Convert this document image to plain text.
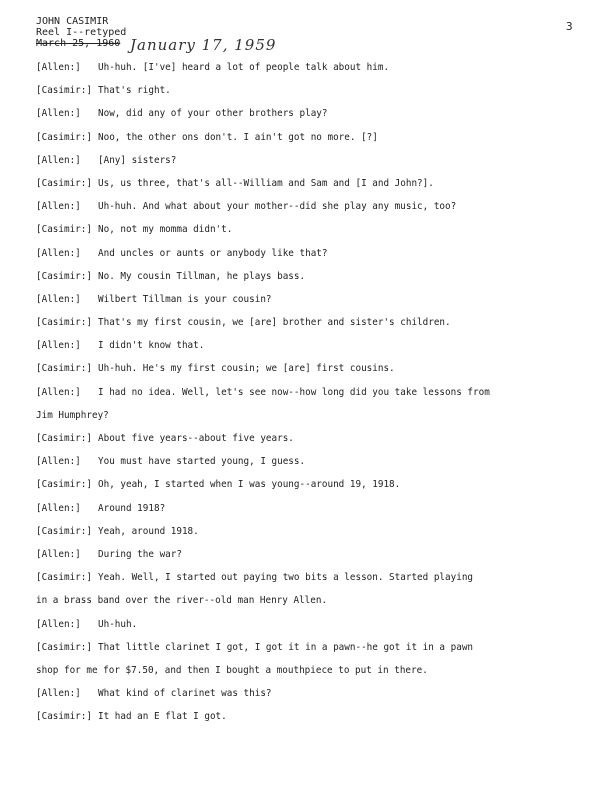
JOHN CASIMIR
Reel I--retyped
March 25, 1960 January 17, 1959
3
[Allen:] Uh-huh. [I've] heard a lot of people talk about him.
[Casimir:] That's right.
[Allen:] Now, did any of your other brothers play?
[Casimir:] Noo, the other ons don't. I ain't got no more. [?]
[Allen:] [Any] sisters?
[Casimir:] Us, us three, that's all--William and Sam and [I and John?].
[Allen:] Uh-huh. And what about your mother--did she play any music, too?
[Casimir:] No, not my momma didn't.
[Allen:] And uncles or aunts or anybody like that?
[Casimir:] No. My cousin Tillman, he plays bass.
[Allen:] Wilbert Tillman is your cousin?
[Casimir:] That's my first cousin, we [are] brother and sister's children.
[Allen:] I didn't know that.
[Casimir:] Uh-huh. He's my first cousin; we [are] first cousins.
[Allen:] I had no idea. Well, let's see now--how long did you take lessons from
Jim Humphrey?
[Casimir:] About five years--about five years.
[Allen:] You must have started young, I guess.
[Casimir:] Oh, yeah, I started when I was young--around 19, 1918.
[Allen:] Around 1918?
[Casimir:] Yeah, around 1918.
[Allen:] During the war?
[Casimir:] Yeah. Well, I started out paying two bits a lesson. Started playing
in a brass band over the river--old man Henry Allen.
[Allen:] Uh-huh.
[Casimir:] That little clarinet I got, I got it in a pawn--he got it in a pawn
shop for me for $7.50, and then I bought a mouthpiece to put in there.
[Allen:] What kind of clarinet was this?
[Casimir:] It had an E flat I got.
